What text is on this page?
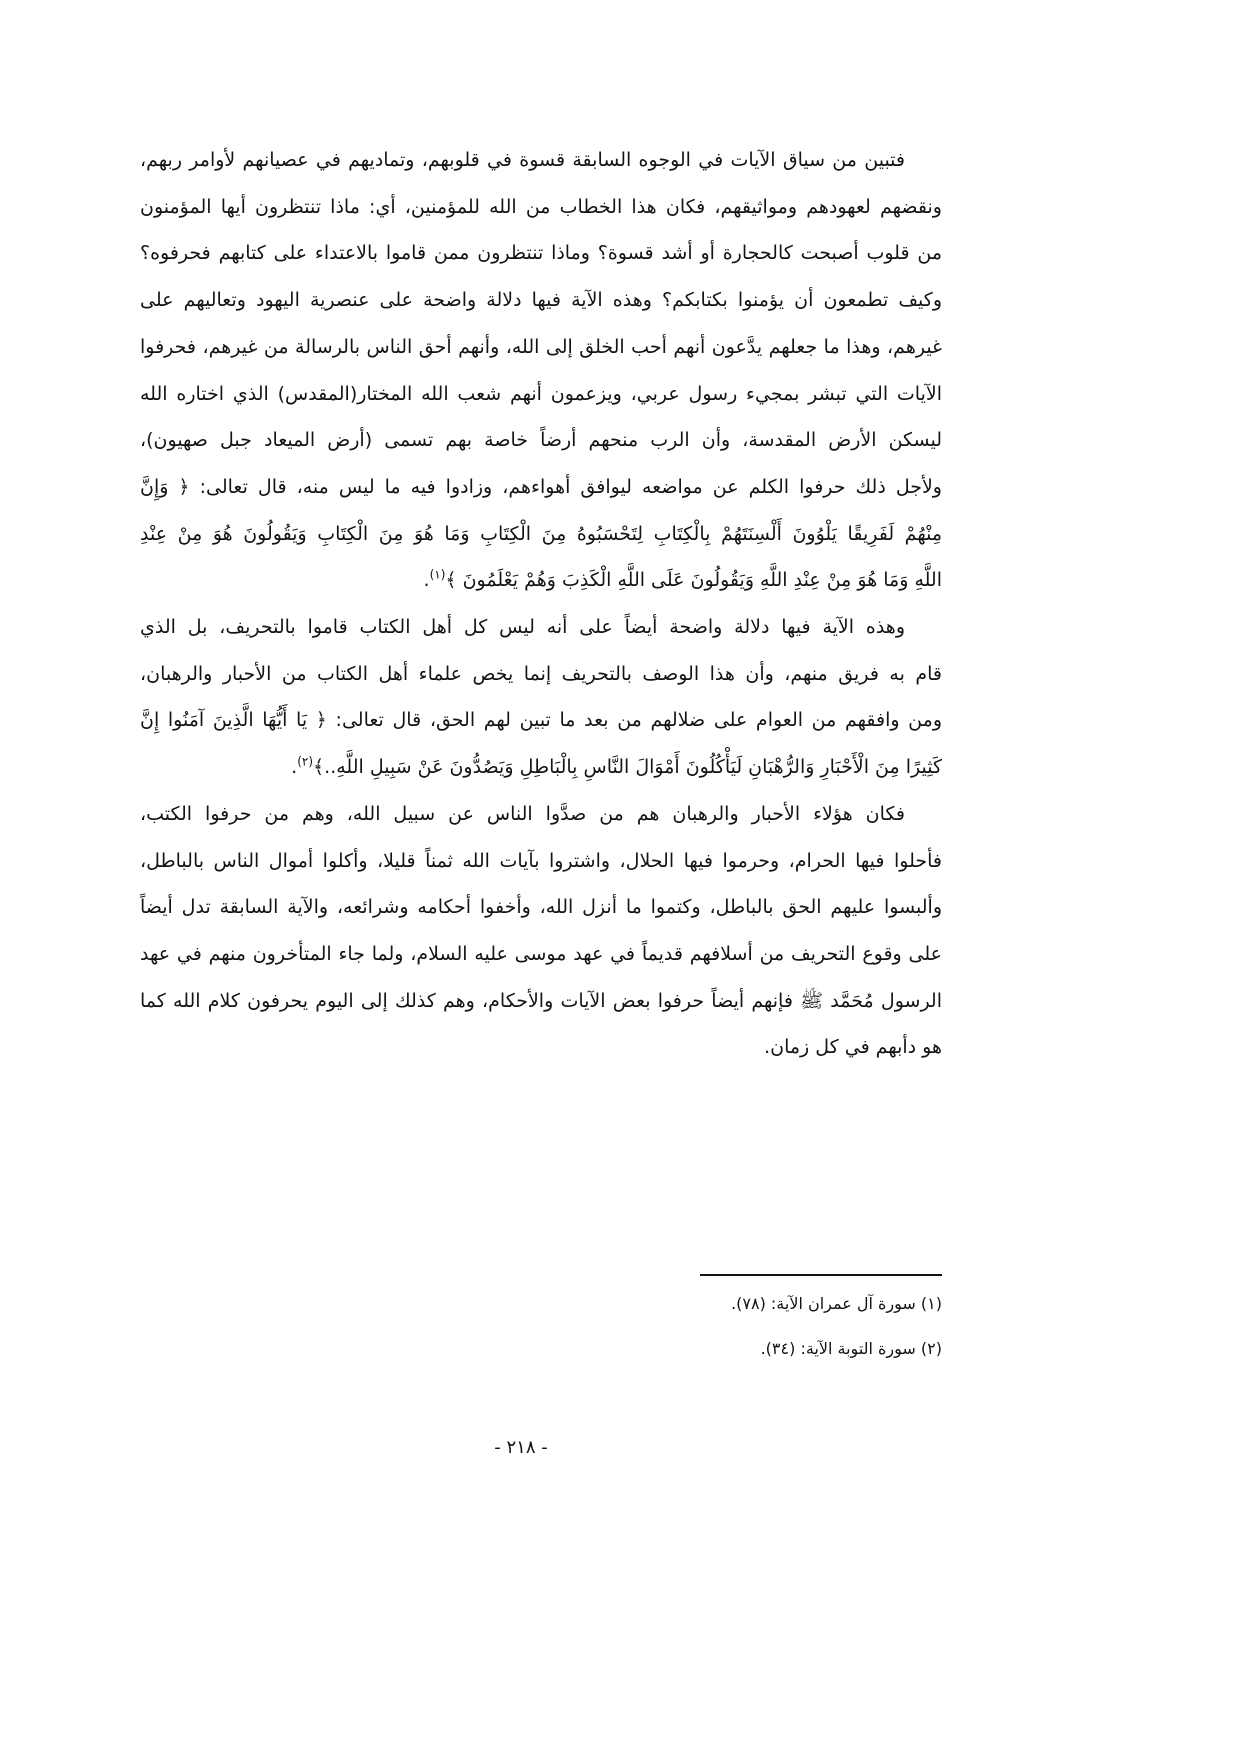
فتبين من سياق الآيات في الوجوه السابقة قسوة في قلوبهم، وتماديهم في عصيانهم لأوامر ربهم،
ونقضهم لعهودهم ومواثيقهم، فكان هذا الخطاب من الله للمؤمنين، أي: ماذا تنتظرون أيها المؤمنون
من قلوب أصبحت كالحجارة أو أشد قسوة؟ وماذا تنتظرون ممن قاموا بالاعتداء على كتابهم فحرفوه؟
وكيف تطمعون أن يؤمنوا بكتابكم؟ وهذه الآية فيها دلالة واضحة على عنصرية اليهود وتعاليهم على
غيرهم، وهذا ما جعلهم يدَّعون أنهم أحب الخلق إلى الله، وأنهم أحق الناس بالرسالة من غيرهم، فحرفوا
الآيات التي تبشر بمجيء رسول عربي، ويزعمون أنهم شعب الله المختار(المقدس) الذي اختاره الله
ليسكن الأرض المقدسة، وأن الرب منحهم أرضاً خاصة بهم تسمى (أرض الميعاد جبل صهيون)،
ولأجل ذلك حرفوا الكلم عن مواضعه ليوافق أهواءهم، وزادوا فيه ما ليس منه، قال تعالى: ﴿ وَإِنَّ
مِنْهُمْ لَفَرِيقًا يَلْوُونَ أَلْسِنَتَهُمْ بِالْكِتَابِ لِتَحْسَبُوهُ مِنَ الْكِتَابِ وَمَا هُوَ مِنَ الْكِتَابِ وَيَقُولُونَ هُوَ مِنْ عِنْدِ
اللَّهِ وَمَا هُوَ مِنْ عِنْدِ اللَّهِ وَيَقُولُونَ عَلَى اللَّهِ الْكَذِبَ وَهُمْ يَعْلَمُونَ ﴾$^{(١)}$.
وهذه الآية فيها دلالة واضحة أيضاً على أنه ليس كل أهل الكتاب قاموا بالتحريف، بل الذي
قام به فريق منهم، وأن هذا الوصف بالتحريف إنما يخص علماء أهل الكتاب من الأحبار والرهبان،
ومن وافقهم من العوام على ضلالهم من بعد ما تبين لهم الحق، قال تعالى: ﴿ يَا أَيُّهَا الَّذِينَ آمَنُوا إِنَّ
كَثِيرًا مِنَ الْأَحْبَارِ وَالرُّهْبَانِ لَيَأْكُلُونَ أَمْوَالَ النَّاسِ بِالْبَاطِلِ وَيَصُدُّونَ عَنْ سَبِيلِ اللَّهِ..﴾$^{(٢)}$.
فكان هؤلاء الأحبار والرهبان هم من صدَّوا الناس عن سبيل الله، وهم من حرفوا الكتب،
فأحلوا فيها الحرام، وحرموا فيها الحلال، واشتروا بآيات الله ثمناً قليلا، وأكلوا أموال الناس بالباطل،
وألبسوا عليهم الحق بالباطل، وكتموا ما أنزل الله، وأخفوا أحكامه وشرائعه، والآية السابقة تدل أيضاً
على وقوع التحريف من أسلافهم قديماً في عهد موسى عليه السلام، ولما جاء المتأخرون منهم في عهد
الرسول مُحَمَّد ﷺ فإنهم أيضاً حرفوا بعض الآيات والأحكام، وهم كذلك إلى اليوم يحرفون كلام الله كما
هو دأبهم في كل زمان.
(١) سورة آل عمران الآية: (٧٨).
(٢) سورة التوبة الآية: (٣٤).
- ٢١٨ -
